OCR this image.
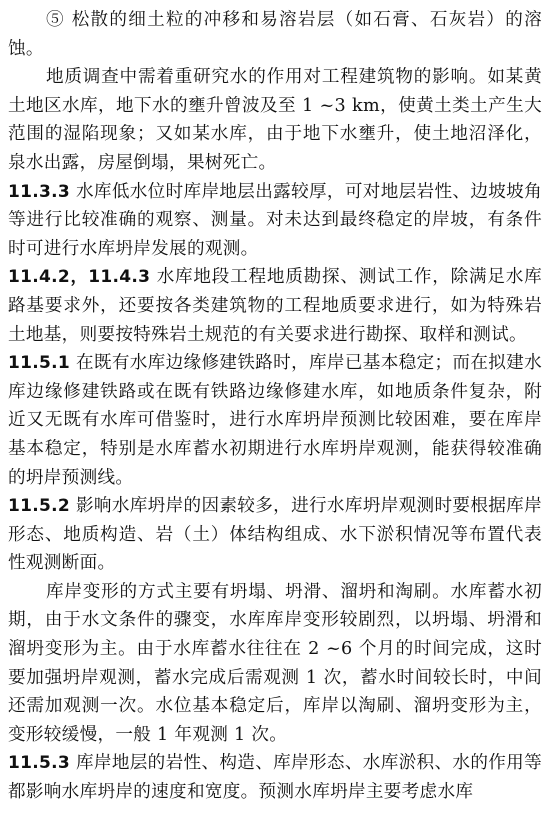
⑤ 松散的细土粒的冲移和易溶岩层（如石膏、石灰岩）的溶蚀。

地质调查中需着重研究水的作用对工程建筑物的影响。如某黄土地区水库，地下水的壅升曾波及至 1 ~3 km，使黄土类土产生大范围的湿陷现象；又如某水库，由于地下水壅升，使土地沼泽化，泉水出露，房屋倒塌，果树死亡。

11.3.3 水库低水位时库岸地层出露较厚，可对地层岩性、边坡坡角等进行比较准确的观察、测量。对未达到最终稳定的岸坡，有条件时可进行水库坍岸发展的观测。

11.4.2，11.4.3 水库地段工程地质勘探、测试工作，除满足水库路基要求外，还要按各类建筑物的工程地质要求进行，如为特殊岩土地基，则要按特殊岩土规范的有关要求进行勘探、取样和测试。

11.5.1 在既有水库边缘修建铁路时，库岸已基本稳定；而在拟建水库边缘修建铁路或在既有铁路边缘修建水库，如地质条件复杂，附近又无既有水库可借鉴时，进行水库坍岸预测比较困难，要在库岸基本稳定，特别是水库蓄水初期进行水库坍岸观测，能获得较准确的坍岸预测线。

11.5.2 影响水库坍岸的因素较多，进行水库坍岸观测时要根据库岸形态、地质构造、岩（土）体结构组成、水下淤积情况等布置代表性观测断面。

库岸变形的方式主要有坍塌、坍滑、溜坍和淘刷。水库蓄水初期，由于水文条件的骤变，水库库岸变形较剧烈，以坍塌、坍滑和溜坍变形为主。由于水库蓄水往往在 2 ~6 个月的时间完成，这时要加强坍岸观测，蓄水完成后需观测 1 次，蓄水时间较长时，中间还需加观测一次。水位基本稳定后，库岸以淘刷、溜坍变形为主，变形较缓慢，一般 1 年观测 1 次。

11.5.3 库岸地层的岩性、构造、库岸形态、水库淤积、水的作用等都影响水库坍岸的速度和宽度。预测水库坍岸主要考虑水库
